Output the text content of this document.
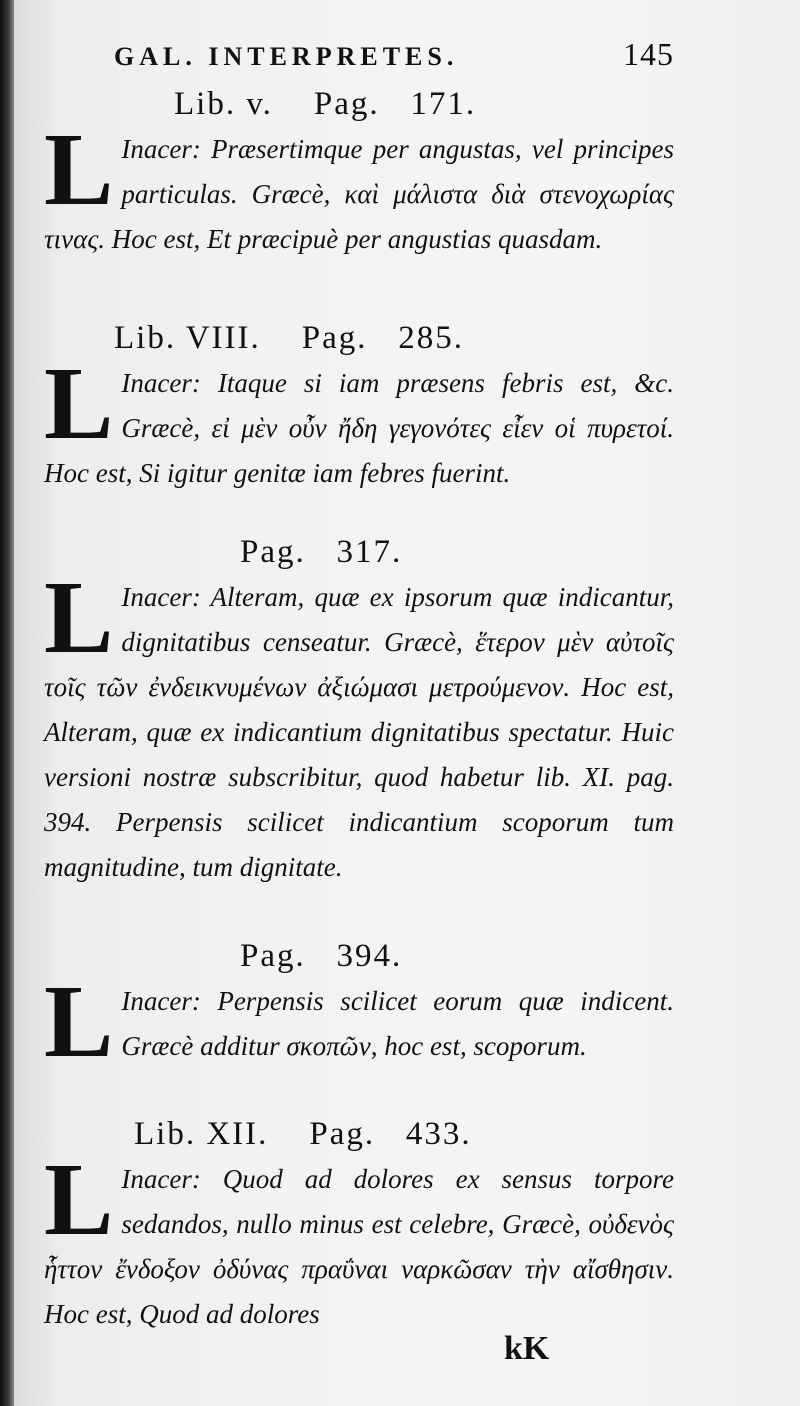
GAL. INTERPRETES.	145
Lib. v.    Pag.   171.
L Inacer: Præsertimque per angustas, vel principes particulas. Græcè, καὶ μάλιστα διὰ στενοχωρίας τινας. Hoc est, Et præcipuè per angustias quasdam.
Lib. VIII.    Pag.   285.
L Inacer: Itaque si iam præsens febris est, &c. Græcè, εἰ μὲν οὖν ἤδη γεγονότες εἶεν οἱ πυρετοί. Hoc est, Si igitur genitæ iam febres fuerint.
Pag.   317.
L Inacer: Alteram, quæ ex ipsorum quæ indicantur, dignitatibus censeatur. Græcè, ἕτερον μὲν αὐτοῖς τοῖς τῶν ἐνδεικνυμένων ἀξιώμασι μετρούμενον. Hoc est, Alteram, quæ ex indicantium dignitatibus spectatur. Huic versioni nostræ subscribitur, quod habetur lib. XI. pag. 394. Perpensis scilicet indicantium scoporum tum magnitudine, tum dignitate.
Pag.   394.
L Inacer: Perpensis scilicet eorum quæ indicent. Græcè additur σκοπῶν, hoc est, scoporum.
Lib. XII.    Pag.   433.
L Inacer: Quod ad dolores ex sensus torpore sedandos, nullo minus est celebre, Græcè, οὐδενὸς ἧττον ἔνδοξον ὀδύνας πραΰναι ναρκῶσαν τὴν αἴσθησιν. Hoc est, Quod ad dolores
kK
